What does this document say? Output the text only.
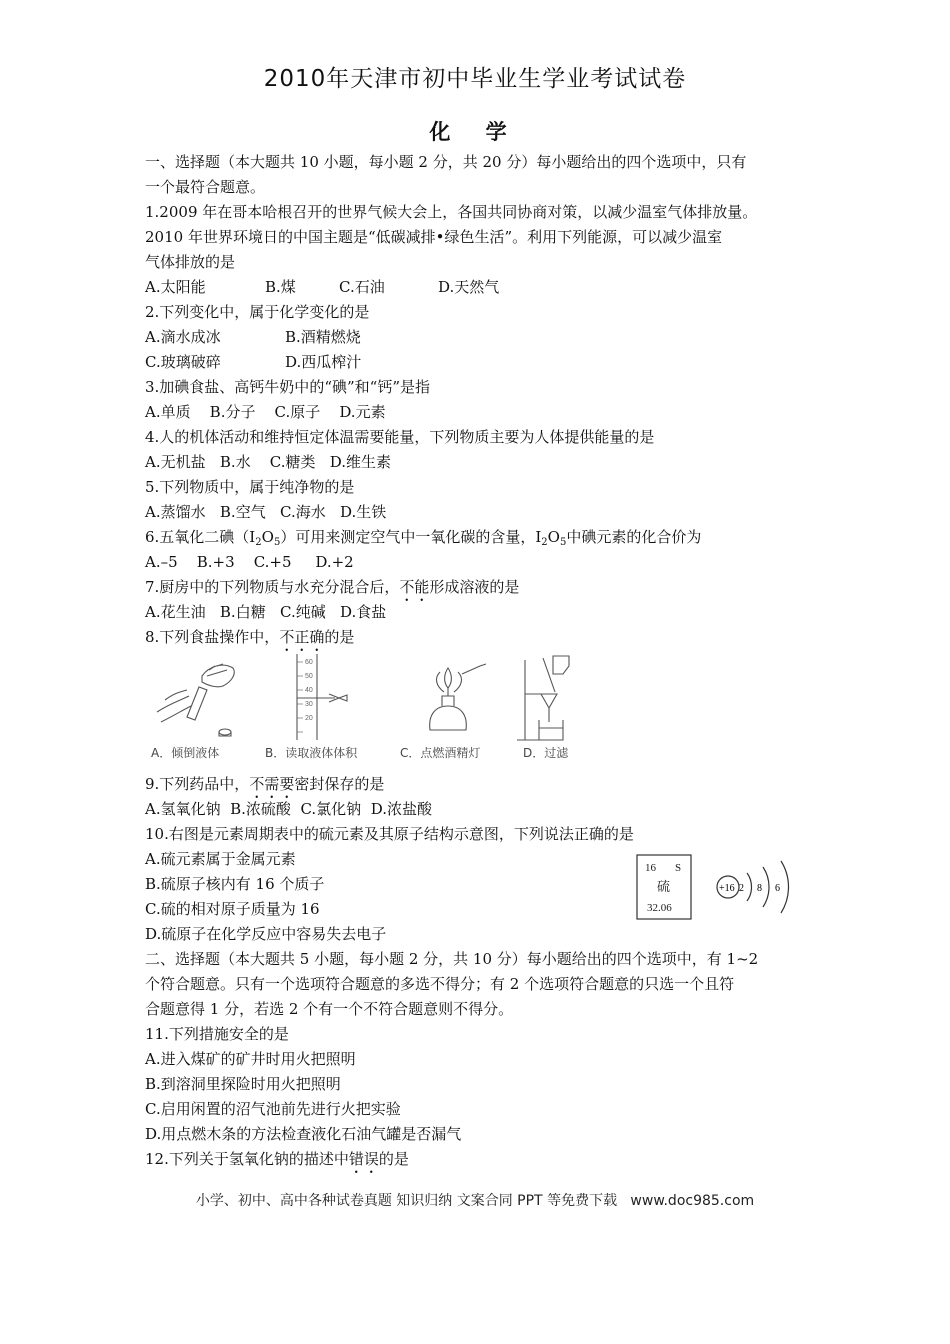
2010年天津市初中毕业生学业考试试卷
化 学
一、选择题（本大题共 10 小题，每小题 2 分，共 20 分）每小题给出的四个选项中，只有
一个最符合题意。
1.2009 年在哥本哈根召开的世界气候大会上，各国共同协商对策，以减少温室气体排放量。
2010 年世界环境日的中国主题是“低碳减排•绿色生活”。利用下列能源，可以减少温室
气体排放的是
A.太阳能	B.煤	C.石油	D.天然气
2.下列变化中，属于化学变化的是
A.滴水成冰	B.酒精燃烧
C.玻璃破碎	D.西瓜榨汁
3.加碘食盐、高钙牛奶中的“碘”和“钙”是指
A.单质    B.分子    C.原子    D.元素
4.人的机体活动和维持恒定体温需要能量，下列物质主要为人体提供能量的是
A.无机盐   B.水    C.糖类   D.维生素
5.下列物质中，属于纯净物的是
A.蒸馏水   B.空气   C.海水   D.生铁
6.五氧化二碘$(I_2O_5)$可用来测定空气中一氧化碳的含量，$I_2O_5$中碘元素的化合价为
A.–5    B.+3    C.+5     D.+2
7.厨房中的下列物质与水充分混合后，不能形成溶液的是
A.花生油   B.白糖   C.纯碱   D.食盐
8.下列食盐操作中，不正确的是
A．倾倒液体
60
50
40
30
20
B．读取液体体积	C．点燃酒精灯	D．过滤
9.下列药品中，不需要密封保存的是
A.氢氧化钠  B.浓硫酸  C.氯化钠  D.浓盐酸
10.右图是元素周期表中的硫元素及其原子结构示意图，下列说法正确的是
A.硫元素属于金属元素
B.硫原子核内有 16 个质子
C.硫的相对原子质量为 16
D.硫原子在化学反应中容易失去电子
16 S
硫
32.06
+16 2 8 6
二、选择题（本大题共 5 小题，每小题 2 分，共 10 分）每小题给出的四个选项中，有 1~2
个符合题意。只有一个选项符合题意的多选不得分；有 2 个选项符合题意的只选一个且符
合题意得 1 分，若选 2 个有一个不符合题意则不得分。
11.下列措施安全的是
A.进入煤矿的矿井时用火把照明
B.到溶洞里探险时用火把照明
C.启用闲置的沼气池前先进行火把实验
D.用点燃木条的方法检查液化石油气罐是否漏气
12.下列关于氢氧化钠的描述中错误的是
小学、初中、高中各种试卷真题 知识归纳 文案合同 PPT 等免费下载   www.doc985.com
